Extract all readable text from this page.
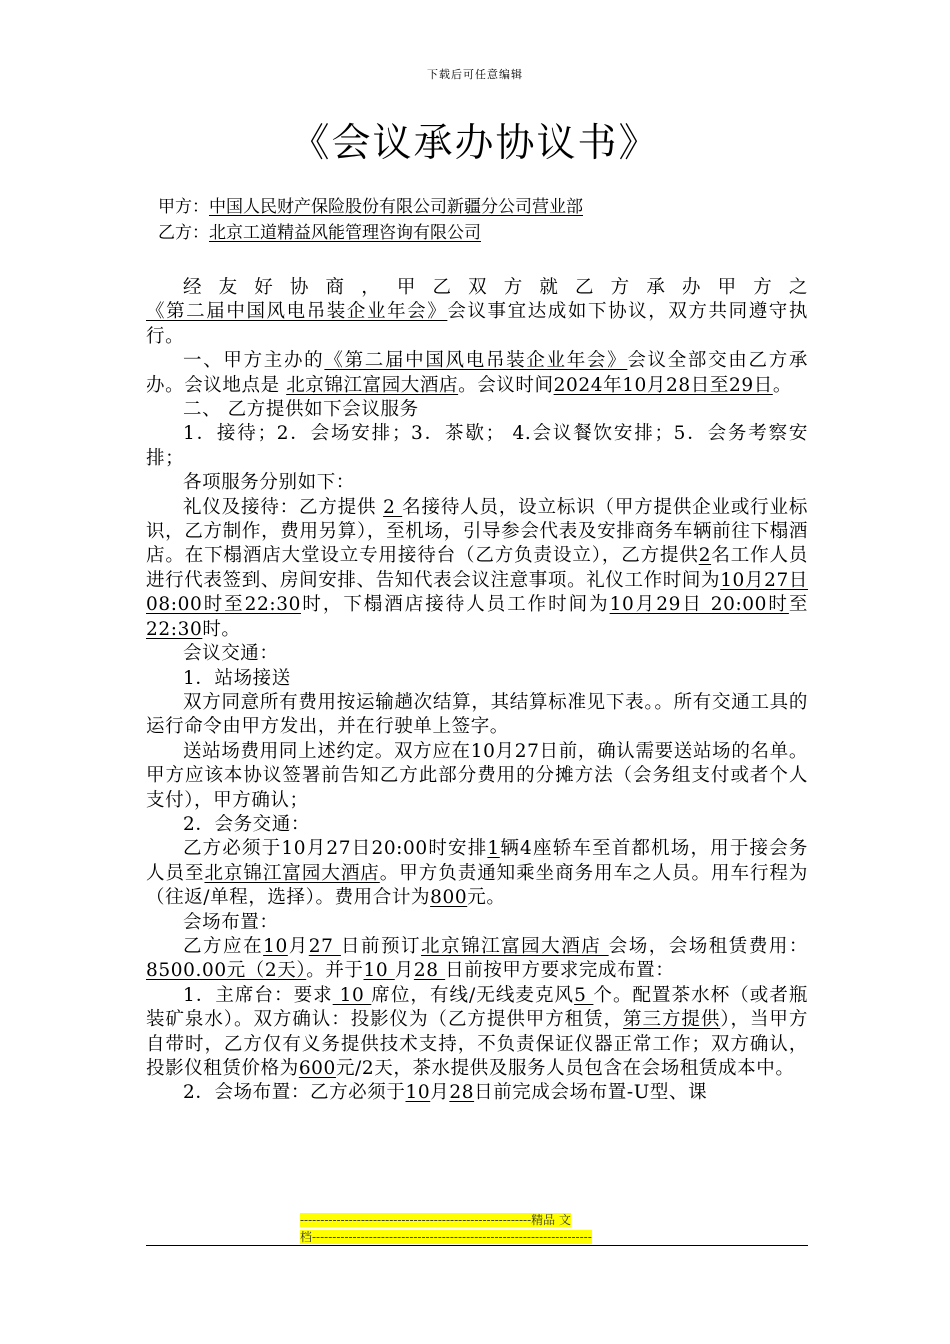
下载后可任意编辑
《会议承办协议书》
甲方：中国人民财产保险股份有限公司新疆分公司营业部
乙方：北京工道精益风能管理咨询有限公司

经友好协商，甲乙双方就乙方承办甲方之《第二届中国风电吊装企业年会》会议事宜达成如下协议，双方共同遵守执行。

一、甲方主办的《第二届中国风电吊装企业年会》会议全部交由乙方承办。会议地点是 北京锦江富园大酒店。会议时间2024年10月28日至29日。

二、 乙方提供如下会议服务

1．接待；2．会场安排；3．茶歇； 4.会议餐饮安排；5．会务考察安排；

各项服务分别如下：

礼仪及接待：乙方提供 2 名接待人员，设立标识（甲方提供企业或行业标识，乙方制作，费用另算），至机场，引导参会代表及安排商务车辆前往下榻酒店。在下榻酒店大堂设立专用接待台（乙方负责设立），乙方提供2名工作人员进行代表签到、房间安排、告知代表会议注意事项。礼仪工作时间为10月27日 08:00时至22:30时，下榻酒店接待人员工作时间为10月29日 20:00时至22:30时。

会议交通：

1．站场接送

双方同意所有费用按运输趟次结算，其结算标准见下表。。所有交通工具的运行命令由甲方发出，并在行驶单上签字。

送站场费用同上述约定。双方应在10月27日前，确认需要送站场的名单。甲方应该本协议签署前告知乙方此部分费用的分摊方法（会务组支付或者个人支付），甲方确认；

2．会务交通：

乙方必须于10月27日20:00时安排1辆4座轿车至首都机场，用于接会务人员至北京锦江富园大酒店。甲方负责通知乘坐商务用车之人员。用车行程为（往返/单程，选择）。费用合计为800元。

会场布置：

乙方应在10月27 日前预订北京锦江富园大酒店 会场，会场租赁费用：8500.00元（2天）。并于10 月28 日前按甲方要求完成布置：

1．主席台：要求 10 席位，有线/无线麦克风5 个。配置茶水杯（或者瓶装矿泉水）。双方确认：投影仪为（乙方提供甲方租赁，第三方提供），当甲方自带时，乙方仅有义务提供技术支持，不负责保证仪器正常工作；双方确认，投影仪租赁价格为600元/2天，茶水提供及服务人员包含在会场租赁成本中。

2．会场布置：乙方必须于10月28日前完成会场布置-U型、课

---------------------------------------------------------精品 文
档---------------------------------------------------------------------
